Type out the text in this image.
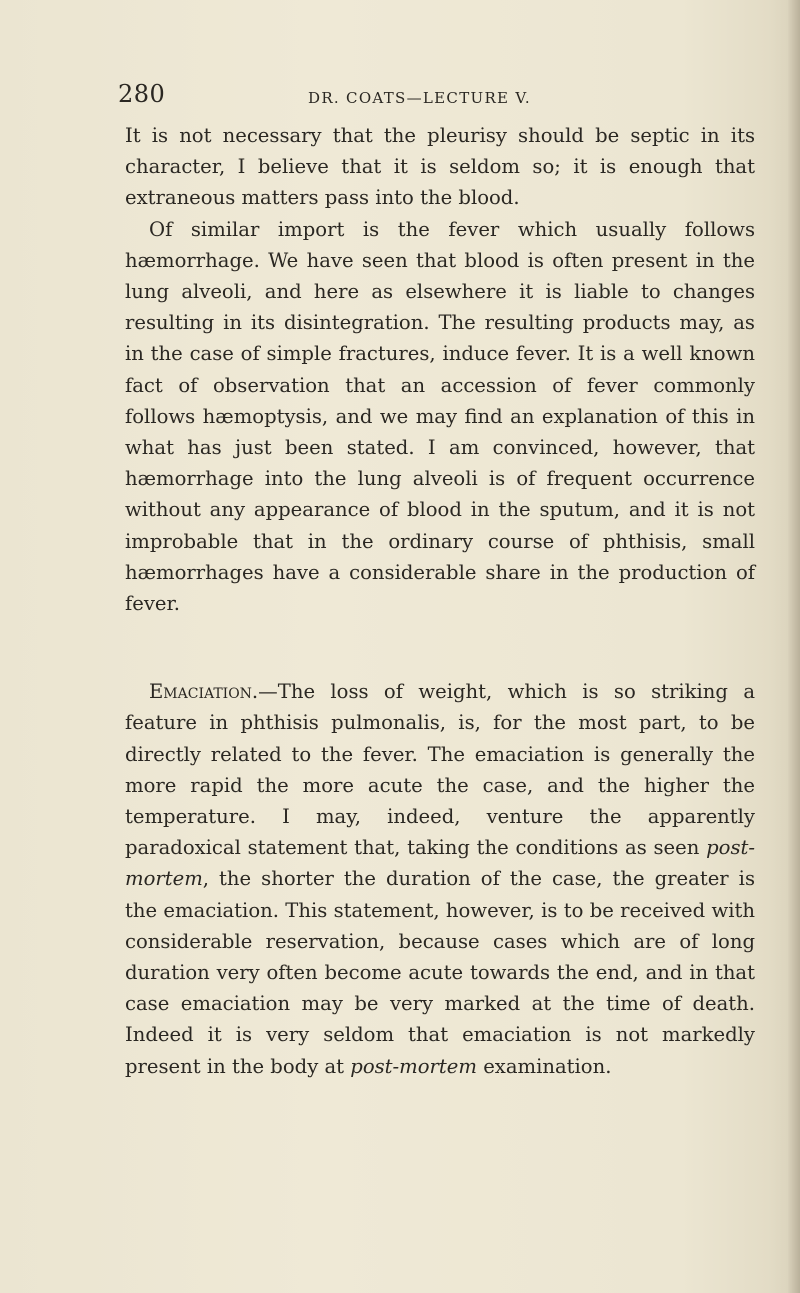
280	DR. COATS—LECTURE V.

It is not necessary that the pleurisy should be septic in its character, I believe that it is seldom so; it is enough that extraneous matters pass into the blood.

Of similar import is the fever which usually follows hæmorrhage. We have seen that blood is often present in the lung alveoli, and here as elsewhere it is liable to changes resulting in its disintegration. The resulting products may, as in the case of simple fractures, induce fever. It is a well known fact of observation that an accession of fever commonly follows hæmoptysis, and we may find an explanation of this in what has just been stated. I am convinced, however, that hæmorrhage into the lung alveoli is of frequent occurrence without any appearance of blood in the sputum, and it is not improbable that in the ordinary course of phthisis, small hæmorrhages have a considerable share in the production of fever.

Emaciation.—The loss of weight, which is so striking a feature in phthisis pulmonalis, is, for the most part, to be directly related to the fever. The emaciation is generally the more rapid the more acute the case, and the higher the temperature. I may, indeed, venture the apparently paradoxical statement that, taking the conditions as seen post-mortem, the shorter the duration of the case, the greater is the emaciation. This statement, however, is to be received with considerable reservation, because cases which are of long duration very often become acute towards the end, and in that case emaciation may be very marked at the time of death. Indeed it is very seldom that emaciation is not markedly present in the body at post-mortem examination.
